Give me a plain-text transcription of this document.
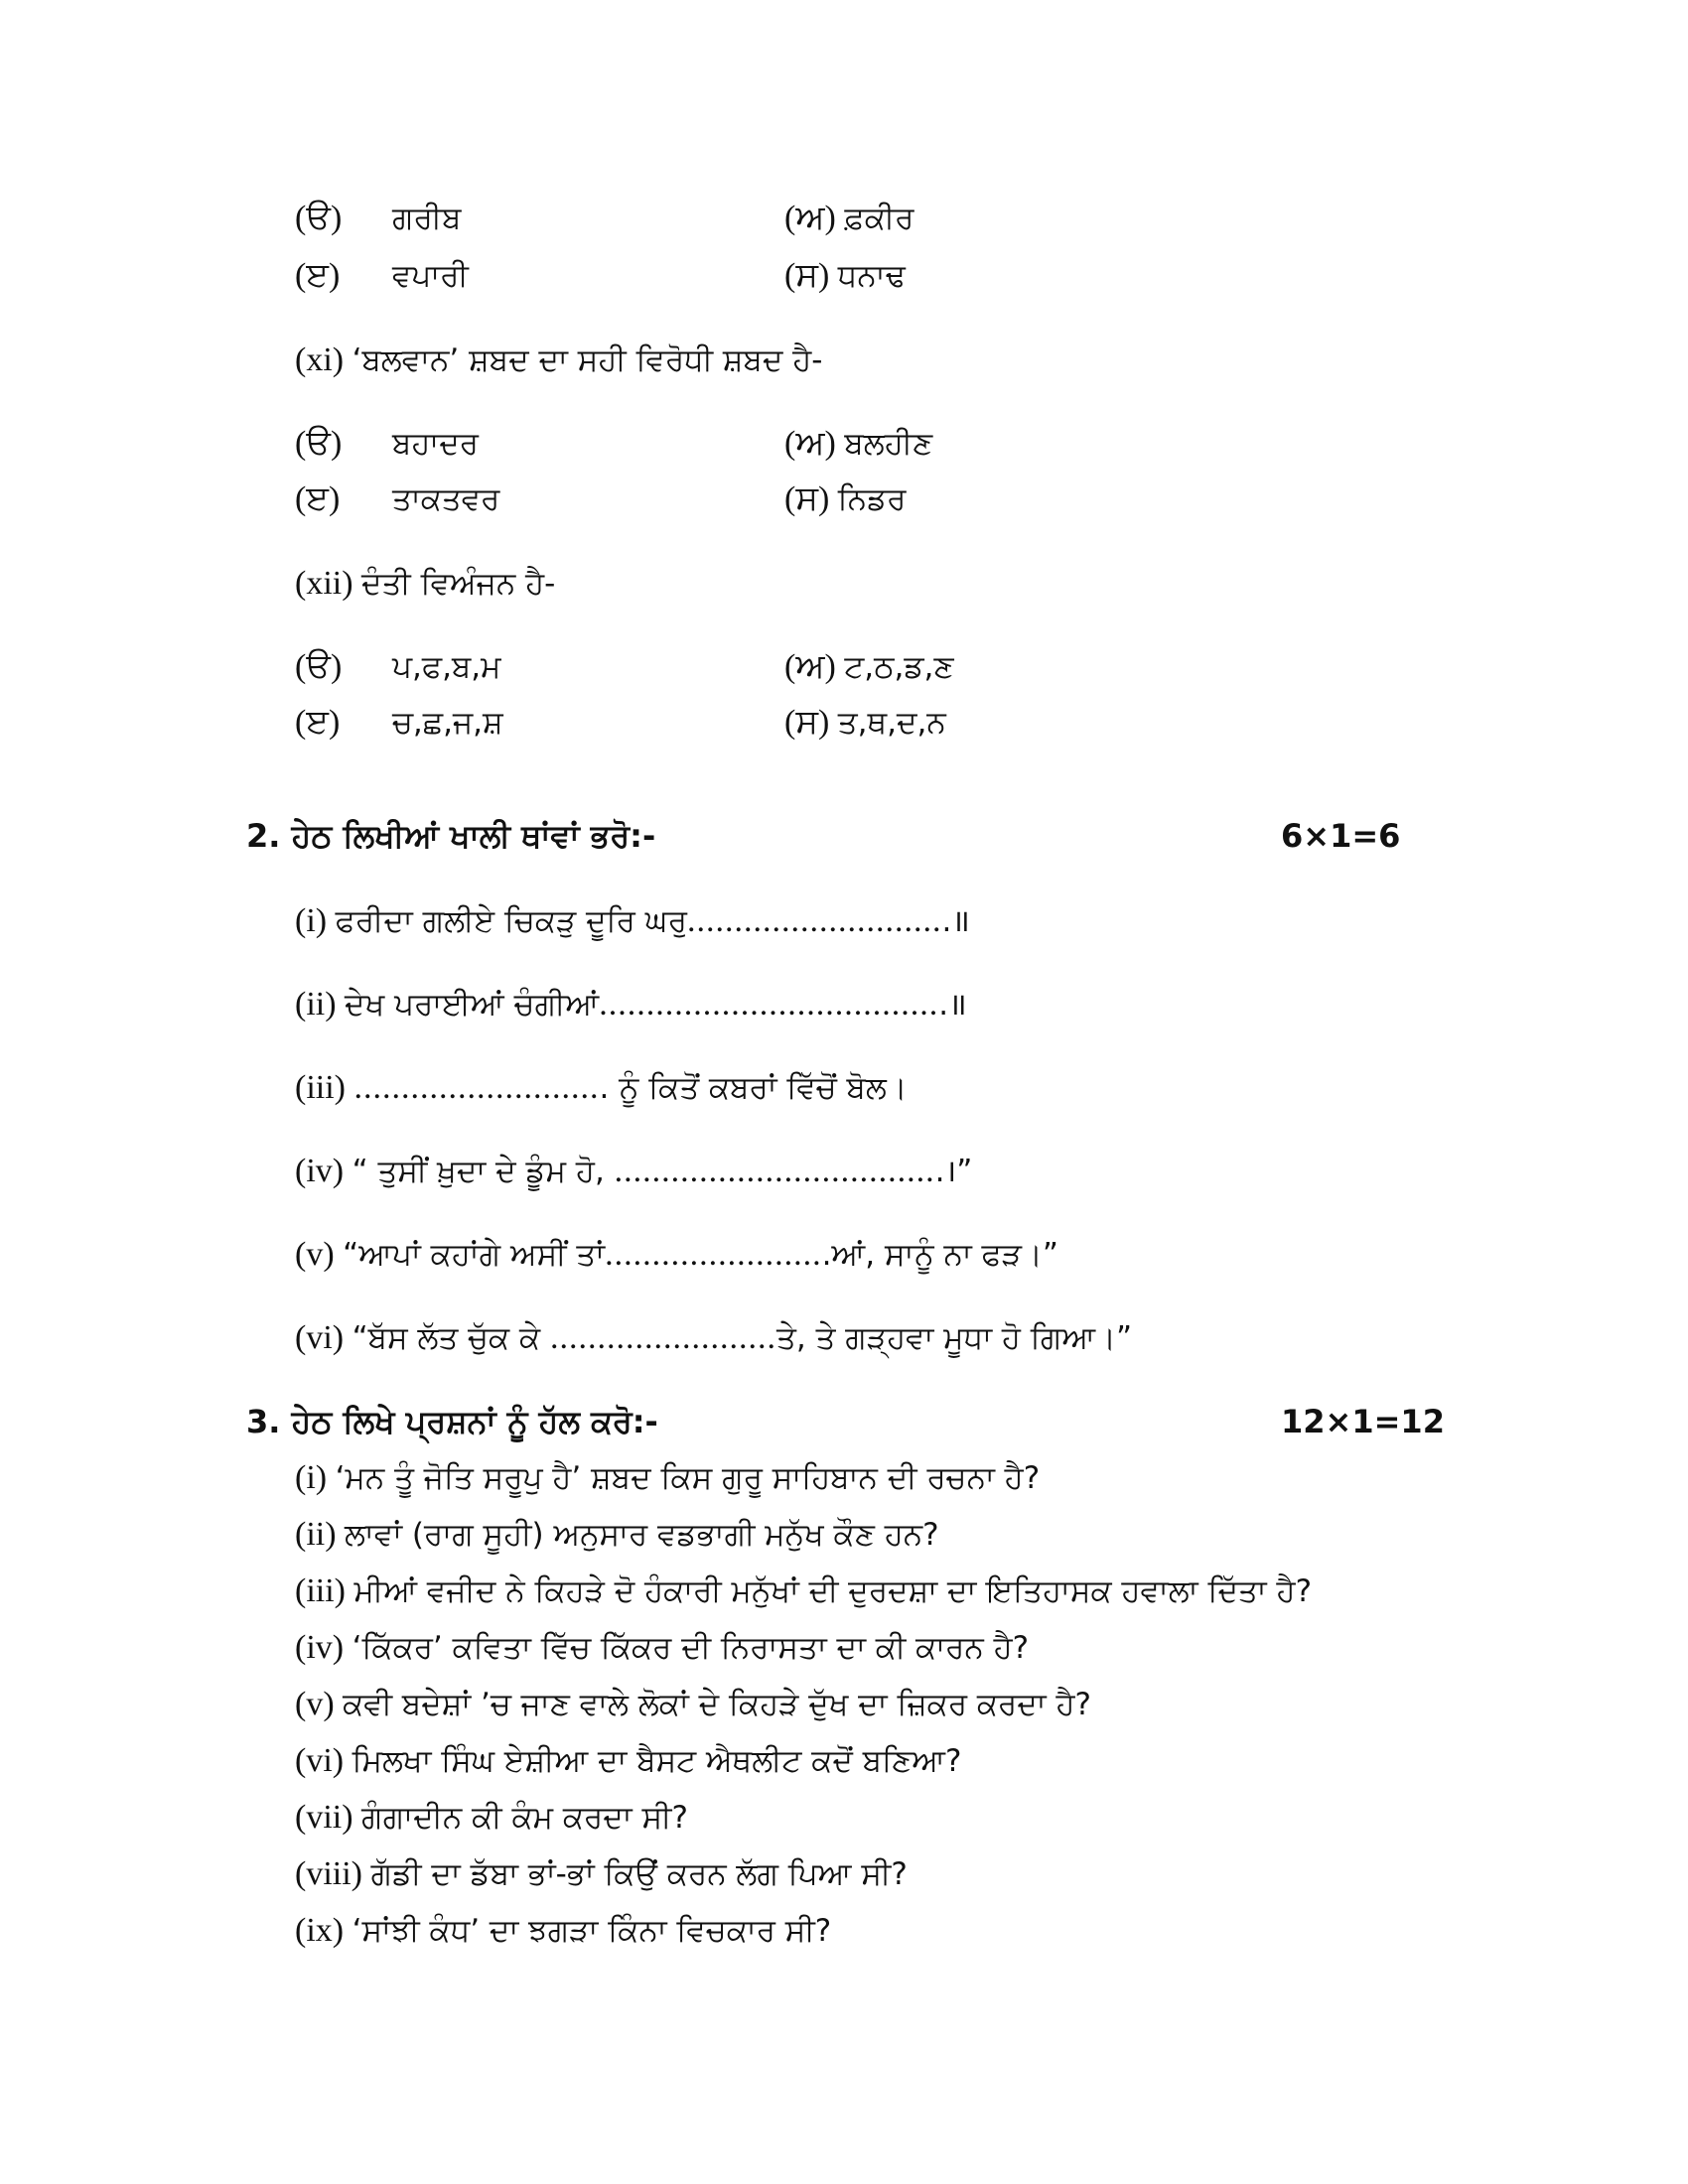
(ੳ) ਗਰੀਬ	(ਅ) ਫ਼ਕੀਰ
(ੲ) ਵਪਾਰੀ	(ਸ) ਧਨਾਢ
(xi) ‘ਬਲਵਾਨ’ ਸ਼ਬਦ ਦਾ ਸਹੀ ਵਿਰੋਧੀ ਸ਼ਬਦ ਹੈ-
(ੳ) ਬਹਾਦਰ	(ਅ) ਬਲਹੀਣ
(ੲ) ਤਾਕਤਵਰ	(ਸ) ਨਿਡਰ
(xii) ਦੰਤੀ ਵਿਅੰਜਨ ਹੈ-
(ੳ) ਪ,ਫ,ਬ,ਮ	(ਅ) ਟ,ਠ,ਡ,ਣ
(ੲ) ਚ,ਛ,ਜ,ਸ਼	(ਸ) ਤ,ਥ,ਦ,ਨ
2. ਹੇਠ ਲਿਖੀਆਂ ਖਾਲੀ ਥਾਂਵਾਂ ਭਰੋ:-	6×1=6
(i) ਫਰੀਦਾ ਗਲੀਏ ਚਿਕੜੁ ਦੂਰਿ ਘਰੁ............................॥
(ii) ਦੇਖ ਪਰਾਈਆਂ ਚੰਗੀਆਂ.....................................॥
(iii) ........................... ਨੂੰ ਕਿਤੋਂ ਕਬਰਾਂ ਵਿੱਚੋਂ ਬੋਲ।
(iv) “ ਤੁਸੀਂ ਖ਼ੁਦਾ ਦੇ ਡੂੰਮ ਹੋ, ...................................।”
(v) “ਆਪਾਂ ਕਹਾਂਗੇ ਅਸੀਂ ਤਾਂ........................ਆਂ, ਸਾਨੂੰ ਨਾ ਫੜ।”
(vi) “ਬੱਸ ਲੱਤ ਚੁੱਕ ਕੇ ........................ਤੇ, ਤੇ ਗੜ੍ਹਵਾ ਮੂਧਾ ਹੋ ਗਿਆ।”
3. ਹੇਠ ਲਿਖੇ ਪ੍ਰਸ਼ਨਾਂ ਨੂੰ ਹੱਲ ਕਰੋ:-	12×1=12
(i) ‘ਮਨ ਤੂੰ ਜੋਤਿ ਸਰੂਪੁ ਹੈ’ ਸ਼ਬਦ ਕਿਸ ਗੁਰੂ ਸਾਹਿਬਾਨ ਦੀ ਰਚਨਾ ਹੈ?
(ii) ਲਾਵਾਂ (ਰਾਗ ਸੂਹੀ) ਅਨੁਸਾਰ ਵਡਭਾਗੀ ਮਨੁੱਖ ਕੌਣ ਹਨ?
(iii) ਮੀਆਂ ਵਜੀਦ ਨੇ ਕਿਹੜੇ ਦੋ ਹੰਕਾਰੀ ਮਨੁੱਖਾਂ ਦੀ ਦੁਰਦਸ਼ਾ ਦਾ ਇਤਿਹਾਸਕ ਹਵਾਲਾ ਦਿੱਤਾ ਹੈ?
(iv) ‘ਕਿੱਕਰ’ ਕਵਿਤਾ ਵਿੱਚ ਕਿੱਕਰ ਦੀ ਨਿਰਾਸਤਾ ਦਾ ਕੀ ਕਾਰਨ ਹੈ?
(v) ਕਵੀ ਬਦੇਸ਼ਾਂ ’ਚ ਜਾਣ ਵਾਲੇ ਲੋਕਾਂ ਦੇ ਕਿਹੜੇ ਦੁੱਖ ਦਾ ਜ਼ਿਕਰ ਕਰਦਾ ਹੈ?
(vi) ਮਿਲਖਾ ਸਿੰਘ ਏਸ਼ੀਆ ਦਾ ਬੈਸਟ ਐਥਲੀਟ ਕਦੋਂ ਬਣਿਆ?
(vii) ਗੰਗਾਦੀਨ ਕੀ ਕੰਮ ਕਰਦਾ ਸੀ?
(viii) ਗੱਡੀ ਦਾ ਡੱਬਾ ਭਾਂ-ਭਾਂ ਕਿਉਂ ਕਰਨ ਲੱਗ ਪਿਆ ਸੀ?
(ix) ‘ਸਾਂਝੀ ਕੰਧ’ ਦਾ ਝਗੜਾ ਕਿੰਨਾ ਵਿਚਕਾਰ ਸੀ?
